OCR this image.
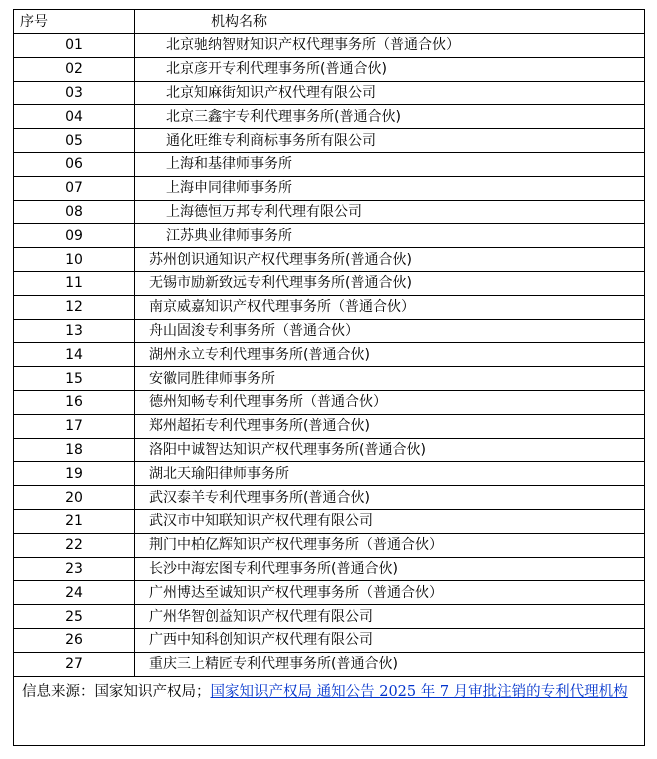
序号	机构名称
01	北京驰纳智财知识产权代理事务所（普通合伙）
02	北京彦开专利代理事务所(普通合伙)
03	北京知麻街知识产权代理有限公司
04	北京三鑫宇专利代理事务所(普通合伙)
05	通化旺维专利商标事务所有限公司
06	上海和基律师事务所
07	上海申同律师事务所
08	上海德恒万邦专利代理有限公司
09	江苏典业律师事务所
10	苏州创识通知识产权代理事务所(普通合伙)
11	无锡市励新致远专利代理事务所(普通合伙)
12	南京威嘉知识产权代理事务所（普通合伙）
13	舟山固浚专利事务所（普通合伙）
14	湖州永立专利代理事务所(普通合伙)
15	安徽同胜律师事务所
16	德州知畅专利代理事务所（普通合伙）
17	郑州超拓专利代理事务所(普通合伙)
18	洛阳中诚智达知识产权代理事务所(普通合伙)
19	湖北天瑜阳律师事务所
20	武汉泰羊专利代理事务所(普通合伙)
21	武汉市中知联知识产权代理有限公司
22	荆门中柏亿辉知识产权代理事务所（普通合伙）
23	长沙中海宏图专利代理事务所(普通合伙)
24	广州博达至诚知识产权代理事务所（普通合伙）
25	广州华智创益知识产权代理有限公司
26	广西中知科创知识产权代理有限公司
27	重庆三上精匠专利代理事务所(普通合伙)
信息来源：国家知识产权局；国家知识产权局 通知公告 2025 年 7 月审批注销的专利代理机构
